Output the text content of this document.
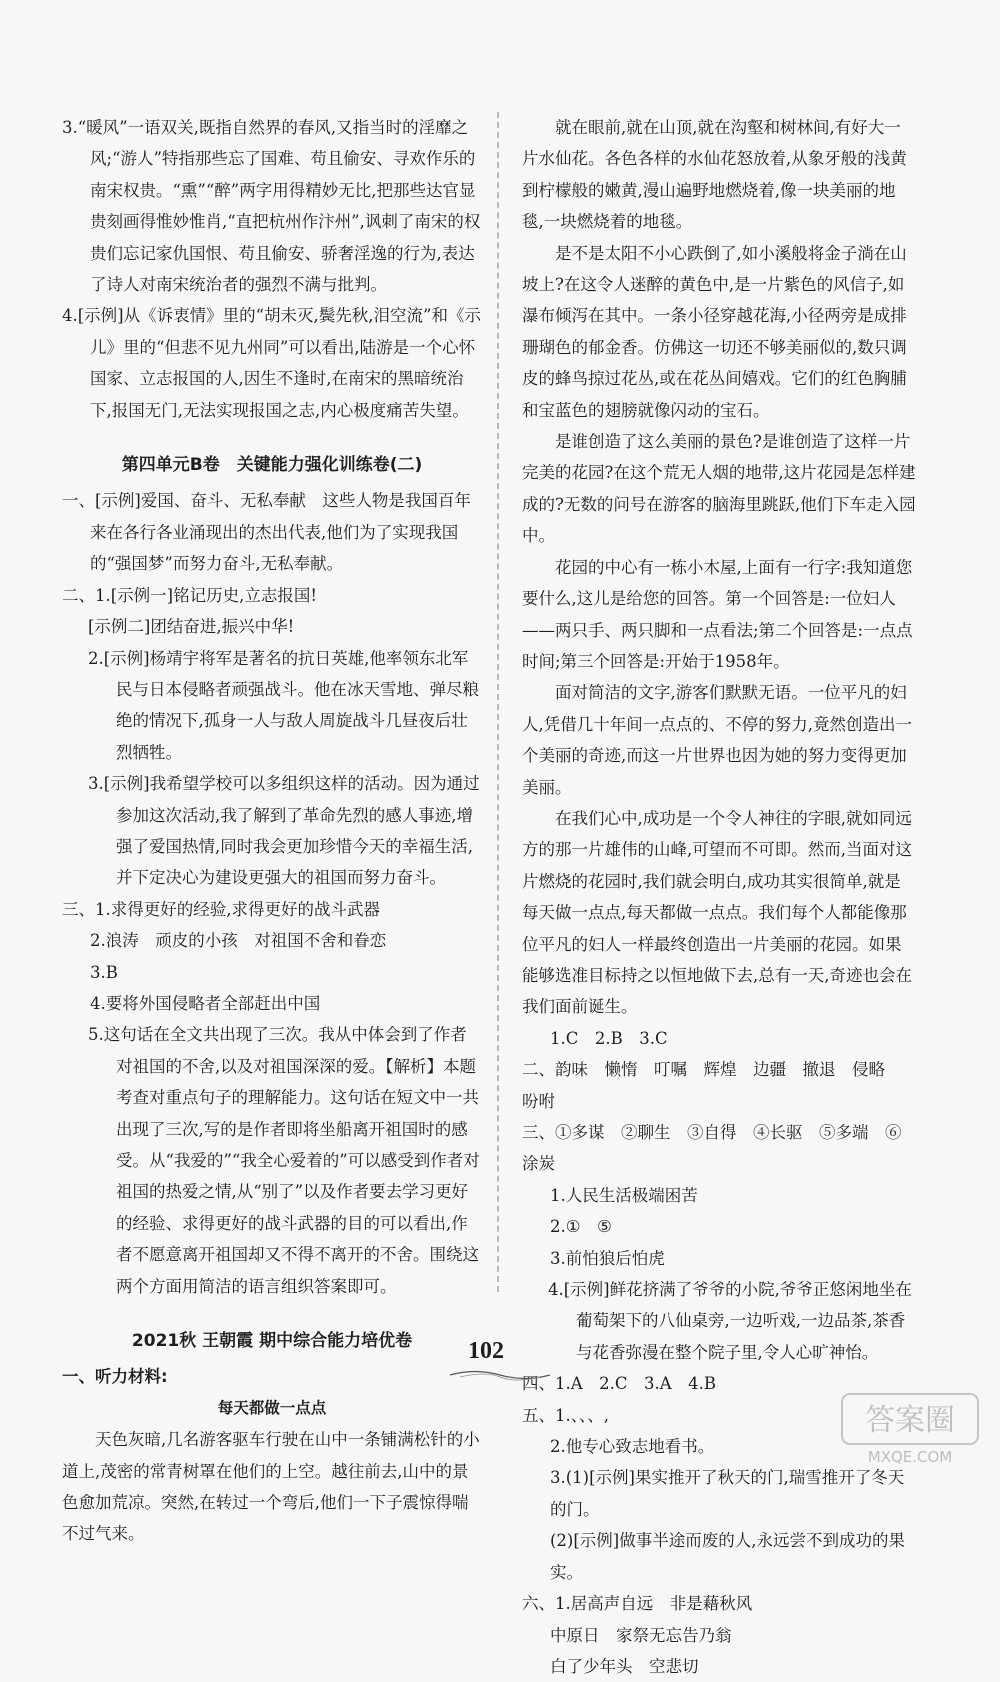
3.“暖风”一语双关,既指自然界的春风,又指当时的淫靡之风;“游人”特指那些忘了国难、苟且偷安、寻欢作乐的南宋权贵。“熏”“醉”两字用得精妙无比,把那些达官显贵刻画得惟妙惟肖,“直把杭州作汴州”,讽刺了南宋的权贵们忘记家仇国恨、苟且偷安、骄奢淫逸的行为,表达了诗人对南宋统治者的强烈不满与批判。

4.[示例]从《诉衷情》里的“胡未灭,鬓先秋,泪空流”和《示儿》里的“但悲不见九州同”可以看出,陆游是一个心怀国家、立志报国的人,因生不逢时,在南宋的黑暗统治下,报国无门,无法实现报国之志,内心极度痛苦失望。

第四单元B卷　关键能力强化训练卷(二)

一、[示例]爱国、奋斗、无私奉献　这些人物是我国百年来在各行各业涌现出的杰出代表,他们为了实现我国的“强国梦”而努力奋斗,无私奉献。

二、1.[示例一]铭记历史,立志报国!

[示例二]团结奋进,振兴中华!

2.[示例]杨靖宇将军是著名的抗日英雄,他率领东北军民与日本侵略者顽强战斗。他在冰天雪地、弹尽粮绝的情况下,孤身一人与敌人周旋战斗几昼夜后壮烈牺牲。

3.[示例]我希望学校可以多组织这样的活动。因为通过参加这次活动,我了解到了革命先烈的感人事迹,增强了爱国热情,同时我会更加珍惜今天的幸福生活,并下定决心为建设更强大的祖国而努力奋斗。

三、1.求得更好的经验,求得更好的战斗武器

2.浪涛　顽皮的小孩　对祖国不舍和眷恋

3.B

4.要将外国侵略者全部赶出中国

5.这句话在全文共出现了三次。我从中体会到了作者对祖国的不舍,以及对祖国深深的爱。【解析】本题考查对重点句子的理解能力。这句话在短文中一共出现了三次,写的是作者即将坐船离开祖国时的感受。从“我爱的”“我全心爱着的”可以感受到作者对祖国的热爱之情,从“别了”以及作者要去学习更好的经验、求得更好的战斗武器的目的可以看出,作者不愿意离开祖国却又不得不离开的不舍。围绕这两个方面用简洁的语言组织答案即可。

2021秋 王朝霞 期中综合能力培优卷

一、听力材料:

每天都做一点点

天色灰暗,几名游客驱车行驶在山中一条铺满松针的小道上,茂密的常青树罩在他们的上空。越往前去,山中的景色愈加荒凉。突然,在转过一个弯后,他们一下子震惊得喘不过气来。

就在眼前,就在山顶,就在沟壑和树林间,有好大一片水仙花。各色各样的水仙花怒放着,从象牙般的浅黄到柠檬般的嫩黄,漫山遍野地燃烧着,像一块美丽的地毯,一块燃烧着的地毯。

是不是太阳不小心跌倒了,如小溪般将金子淌在山坡上?在这令人迷醉的黄色中,是一片紫色的风信子,如瀑布倾泻在其中。一条小径穿越花海,小径两旁是成排珊瑚色的郁金香。仿佛这一切还不够美丽似的,数只调皮的蜂鸟掠过花丛,或在花丛间嬉戏。它们的红色胸脯和宝蓝色的翅膀就像闪动的宝石。

是谁创造了这么美丽的景色?是谁创造了这样一片完美的花园?在这个荒无人烟的地带,这片花园是怎样建成的?无数的问号在游客的脑海里跳跃,他们下车走入园中。

花园的中心有一栋小木屋,上面有一行字:我知道您要什么,这儿是给您的回答。第一个回答是:一位妇人——两只手、两只脚和一点看法;第二个回答是:一点点时间;第三个回答是:开始于1958年。

面对简洁的文字,游客们默默无语。一位平凡的妇人,凭借几十年间一点点的、不停的努力,竟然创造出一个美丽的奇迹,而这一片世界也因为她的努力变得更加美丽。

在我们心中,成功是一个令人神往的字眼,就如同远方的那一片雄伟的山峰,可望而不可即。然而,当面对这片燃烧的花园时,我们就会明白,成功其实很简单,就是每天做一点点,每天都做一点点。我们每个人都能像那位平凡的妇人一样最终创造出一片美丽的花园。如果能够选准目标持之以恒地做下去,总有一天,奇迹也会在我们面前诞生。

1.C　2.B　3.C

二、韵味　懒惰　叮嘱　辉煌　边疆　撤退　侵略　吩咐

三、①多谋　②聊生　③自得　④长驱　⑤多端　⑥涂炭

1.人民生活极端困苦

2.①　⑤

3.前怕狼后怕虎

4.[示例]鲜花挤满了爷爷的小院,爷爷正悠闲地坐在葡萄架下的八仙桌旁,一边听戏,一边品茶,茶香与花香弥漫在整个院子里,令人心旷神怡。

四、1.A　2.C　3.A　4.B

五、1.、、、,

2.他专心致志地看书。

3.(1)[示例]果实推开了秋天的门,瑞雪推开了冬天的门。

(2)[示例]做事半途而废的人,永远尝不到成功的果实。

六、1.居高声自远　非是藉秋风

中原日　家祭无忘告乃翁

白了少年头　空悲切

102
答案圈
MXQE.COM
